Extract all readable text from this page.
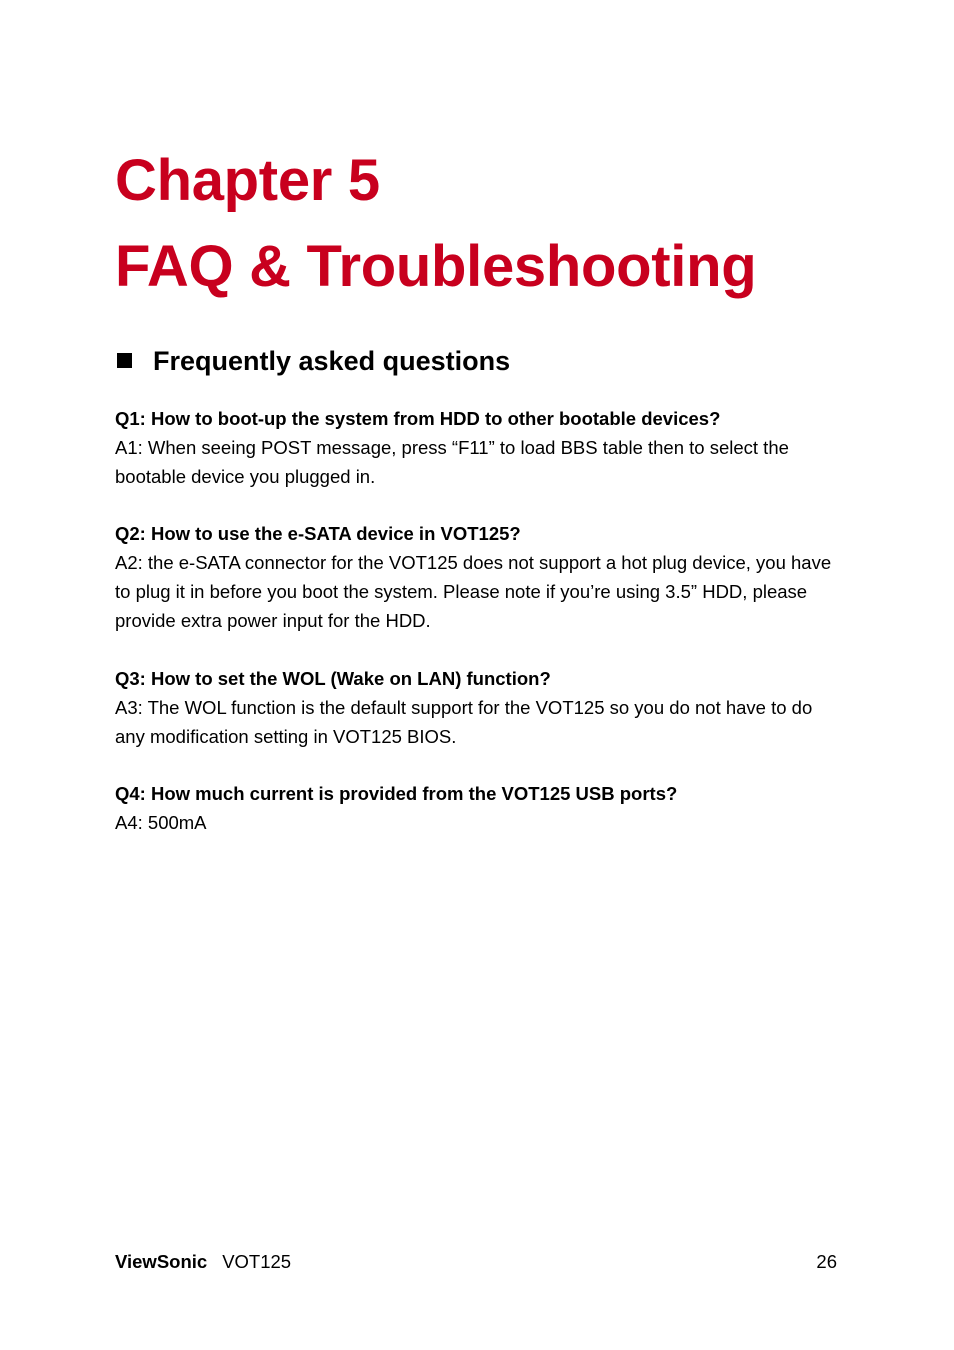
Chapter 5
FAQ & Troubleshooting
Frequently asked questions

Q1: How to boot-up the system from HDD to other bootable devices?

A1: When seeing POST message, press “F11” to load BBS table then to select the bootable device you plugged in.

Q2: How to use the e-SATA device in VOT125?

A2: the e-SATA connector for the VOT125 does not support a hot plug device, you have to plug it in before you boot the system. Please note if you’re using 3.5” HDD, please provide extra power input for the HDD.

Q3: How to set the WOL (Wake on LAN) function?

A3: The WOL function is the default support for the VOT125 so you do not have to do any modification setting in VOT125 BIOS.

Q4: How much current is provided from the VOT125 USB ports?

A4: 500mA

ViewSonic VOT125	26
